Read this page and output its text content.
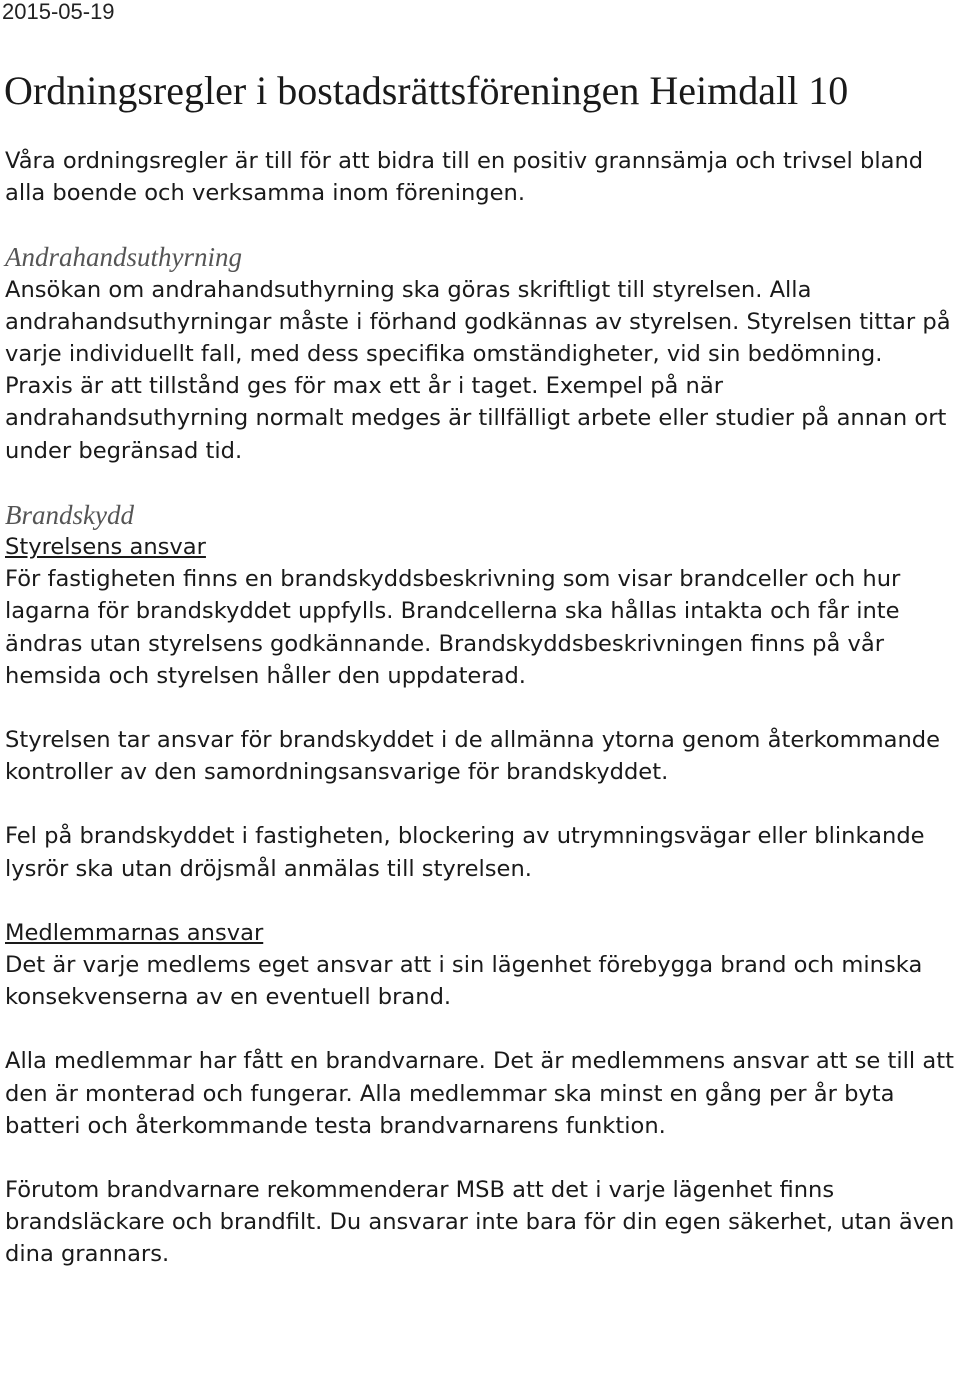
2015-05-19
Ordningsregler i bostadsrättsföreningen Heimdall 10

Våra ordningsregler är till för att bidra till en positiv grannsämja och trivsel bland alla boende och verksamma inom föreningen.

Andrahandsuthyrning

Ansökan om andrahandsuthyrning ska göras skriftligt till styrelsen. Alla andrahandsuthyrningar måste i förhand godkännas av styrelsen. Styrelsen tittar på varje individuellt fall, med dess specifika omständigheter, vid sin bedömning. Praxis är att tillstånd ges för max ett år i taget. Exempel på när andrahandsuthyrning normalt medges är tillfälligt arbete eller studier på annan ort under begränsad tid.

Brandskydd

Styrelsens ansvar

För fastigheten finns en brandskyddsbeskrivning som visar brandceller och hur lagarna för brandskyddet uppfylls. Brandcellerna ska hållas intakta och får inte ändras utan styrelsens godkännande. Brandskyddsbeskrivningen finns på vår hemsida och styrelsen håller den uppdaterad.

Styrelsen tar ansvar för brandskyddet i de allmänna ytorna genom återkommande kontroller av den samordningsansvarige för brandskyddet.

Fel på brandskyddet i fastigheten, blockering av utrymningsvägar eller blinkande lysrör ska utan dröjsmål anmälas till styrelsen.

Medlemmarnas ansvar

Det är varje medlems eget ansvar att i sin lägenhet förebygga brand och minska konsekvenserna av en eventuell brand.

Alla medlemmar har fått en brandvarnare. Det är medlemmens ansvar att se till att den är monterad och fungerar. Alla medlemmar ska minst en gång per år byta batteri och återkommande testa brandvarnarens funktion.

Förutom brandvarnare rekommenderar MSB att det i varje lägenhet finns brandsläckare och brandfilt. Du ansvarar inte bara för din egen säkerhet, utan även dina grannars.
